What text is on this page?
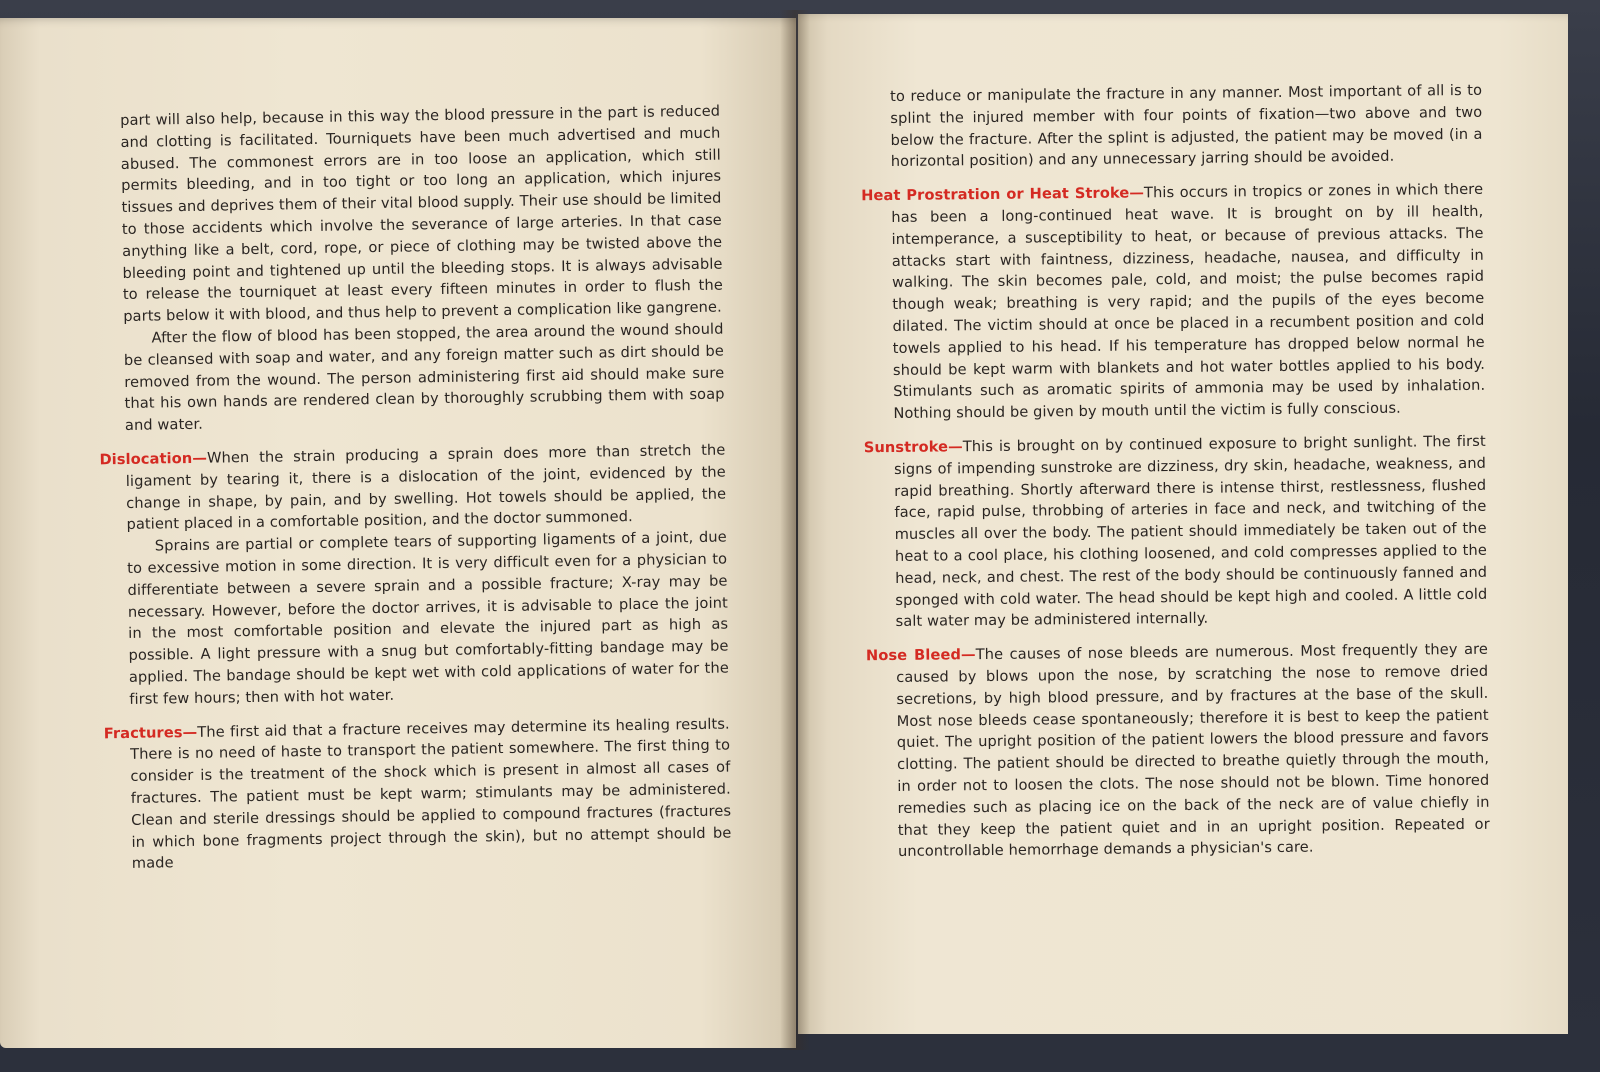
part will also help, because in this way the blood pressure in the part is reduced and clotting is facilitated. Tourniquets have been much advertised and much abused. The commonest errors are in too loose an application, which still permits bleeding, and in too tight or too long an application, which injures tissues and deprives them of their vital blood supply. Their use should be limited to those accidents which involve the severance of large arteries. In that case anything like a belt, cord, rope, or piece of clothing may be twisted above the bleeding point and tightened up until the bleeding stops. It is always advisable to release the tourniquet at least every fifteen minutes in order to flush the parts below it with blood, and thus help to prevent a complication like gangrene.

After the flow of blood has been stopped, the area around the wound should be cleansed with soap and water, and any foreign matter such as dirt should be removed from the wound. The person administering first aid should make sure that his own hands are rendered clean by thoroughly scrubbing them with soap and water.

Dislocation—When the strain producing a sprain does more than stretch the ligament by tearing it, there is a dislocation of the joint, evidenced by the change in shape, by pain, and by swelling. Hot towels should be applied, the patient placed in a comfortable position, and the doctor summoned.

Sprains are partial or complete tears of supporting ligaments of a joint, due to excessive motion in some direction. It is very difficult even for a physician to differentiate between a severe sprain and a possible fracture; X-ray may be necessary. However, before the doctor arrives, it is advisable to place the joint in the most comfortable position and elevate the injured part as high as possible. A light pressure with a snug but comfortably-fitting bandage may be applied. The bandage should be kept wet with cold applications of water for the first few hours; then with hot water.

Fractures—The first aid that a fracture receives may determine its healing results. There is no need of haste to transport the patient somewhere. The first thing to consider is the treatment of the shock which is present in almost all cases of fractures. The patient must be kept warm; stimulants may be administered. Clean and sterile dressings should be applied to compound fractures (fractures in which bone fragments project through the skin), but no attempt should be made

to reduce or manipulate the fracture in any manner. Most important of all is to splint the injured member with four points of fixation—two above and two below the fracture. After the splint is adjusted, the patient may be moved (in a horizontal position) and any unnecessary jarring should be avoided.

Heat Prostration or Heat Stroke—This occurs in tropics or zones in which there has been a long-continued heat wave. It is brought on by ill health, intemperance, a susceptibility to heat, or because of previous attacks. The attacks start with faintness, dizziness, headache, nausea, and difficulty in walking. The skin becomes pale, cold, and moist; the pulse becomes rapid though weak; breathing is very rapid; and the pupils of the eyes become dilated. The victim should at once be placed in a recumbent position and cold towels applied to his head. If his temperature has dropped below normal he should be kept warm with blankets and hot water bottles applied to his body. Stimulants such as aromatic spirits of ammonia may be used by inhalation. Nothing should be given by mouth until the victim is fully conscious.

Sunstroke—This is brought on by continued exposure to bright sunlight. The first signs of impending sunstroke are dizziness, dry skin, headache, weakness, and rapid breathing. Shortly afterward there is intense thirst, restlessness, flushed face, rapid pulse, throbbing of arteries in face and neck, and twitching of the muscles all over the body. The patient should immediately be taken out of the heat to a cool place, his clothing loosened, and cold compresses applied to the head, neck, and chest. The rest of the body should be continuously fanned and sponged with cold water. The head should be kept high and cooled. A little cold salt water may be administered internally.

Nose Bleed—The causes of nose bleeds are numerous. Most frequently they are caused by blows upon the nose, by scratching the nose to remove dried secretions, by high blood pressure, and by fractures at the base of the skull. Most nose bleeds cease spontaneously; therefore it is best to keep the patient quiet. The upright position of the patient lowers the blood pressure and favors clotting. The patient should be directed to breathe quietly through the mouth, in order not to loosen the clots. The nose should not be blown. Time honored remedies such as placing ice on the back of the neck are of value chiefly in that they keep the patient quiet and in an upright position. Repeated or uncontrollable hemorrhage demands a physician's care.
